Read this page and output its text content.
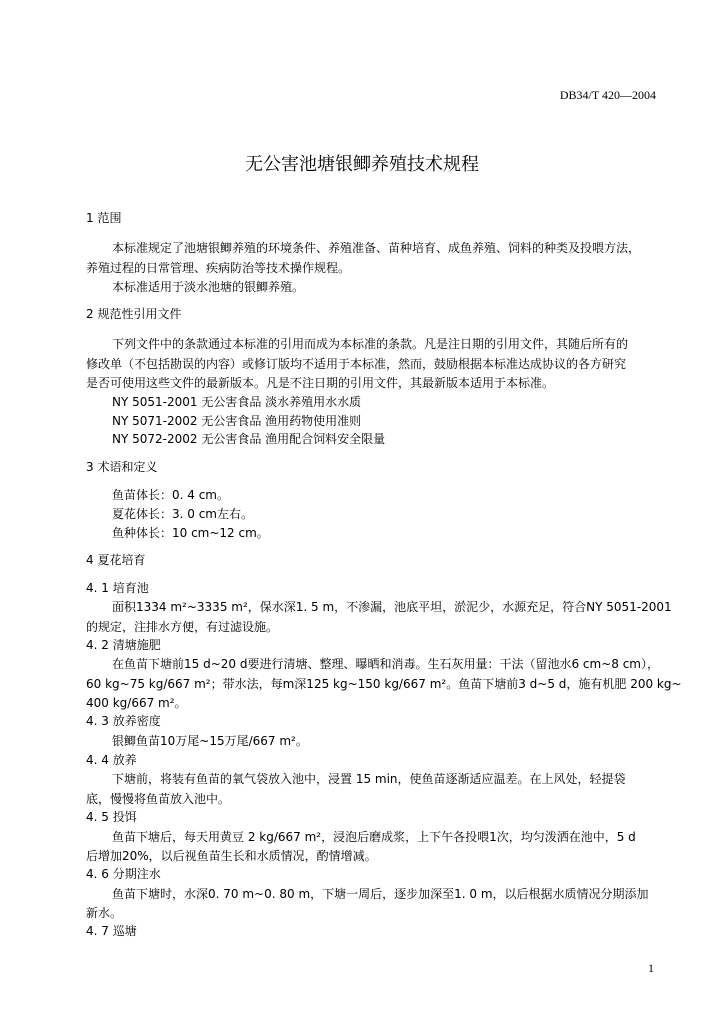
DB34/T 420—2004
无公害池塘银鲫养殖技术规程
1 范围
本标准规定了池塘银鲫养殖的环境条件、养殖准备、苗种培育、成鱼养殖、饲料的种类及投喂方法，
养殖过程的日常管理、疾病防治等技术操作规程。
本标准适用于淡水池塘的银鲫养殖。
2 规范性引用文件
下列文件中的条款通过本标准的引用而成为本标准的条款。凡是注日期的引用文件，其随后所有的
修改单（不包括勘误的内容）或修订版均不适用于本标准，然而，鼓励根据本标准达成协议的各方研究
是否可使用这些文件的最新版本。凡是不注日期的引用文件，其最新版本适用于本标准。
NY 5051-2001 无公害食品 淡水养殖用水水质
NY 5071-2002 无公害食品 渔用药物使用准则
NY 5072-2002 无公害食品 渔用配合饲料安全限量
3 术语和定义
鱼苗体长：0. 4 cm。
夏花体长：3. 0 cm左右。
鱼种体长：10 cm~12 cm。
4 夏花培育
4. 1 培育池
面积1334 m²~3335 m²，保水深1. 5 m，不渗漏，池底平坦，淤泥少，水源充足，符合NY 5051-2001
的规定，注排水方便，有过滤设施。
4. 2 清塘施肥
在鱼苗下塘前15 d~20 d要进行清塘、整理、曝晒和消毒。生石灰用量：干法（留池水6 cm~8 cm），
60 kg~75 kg/667 m²；带水法，每m深125 kg~150 kg/667 m²。鱼苗下塘前3 d~5 d，施有机肥 200 kg~
400 kg/667 m²。
4. 3 放养密度
银鲫鱼苗10万尾~15万尾/667 m²。
4. 4 放养
下塘前，将装有鱼苗的氧气袋放入池中，浸置 15 min，使鱼苗逐渐适应温差。在上风处，轻提袋
底，慢慢将鱼苗放入池中。
4. 5 投饵
鱼苗下塘后，每天用黄豆 2 kg/667 m²，浸泡后磨成浆，上下午各投喂1次，均匀泼洒在池中，5 d
后增加20%，以后视鱼苗生长和水质情况，酌情增减。
4. 6 分期注水
鱼苗下塘时，水深0. 70 m~0. 80 m，下塘一周后，逐步加深至1. 0 m，以后根据水质情况分期添加
新水。
4. 7 巡塘
1
